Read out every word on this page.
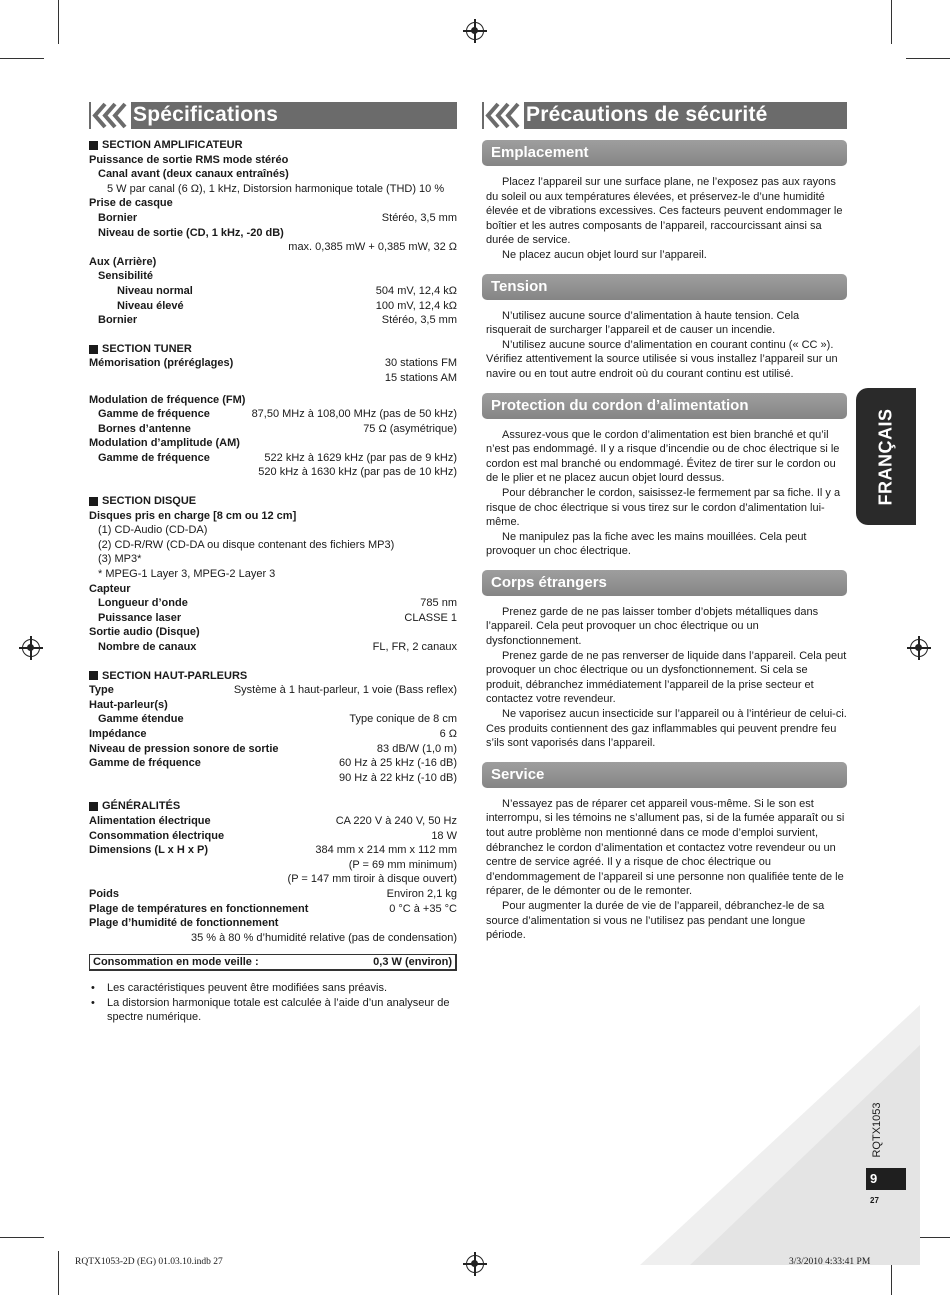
Spécifications
SECTION AMPLIFICATEUR
Puissance de sortie RMS mode stéréo
Canal avant (deux canaux entraînés)
5 W par canal (6 Ω), 1 kHz, Distorsion harmonique totale (THD) 10 %
Prise de casque
Bornier	Stéréo, 3,5 mm
Niveau de sortie (CD, 1 kHz, -20 dB)
max. 0,385 mW + 0,385 mW, 32 Ω
Aux (Arrière)
Sensibilité
Niveau normal	504 mV, 12,4 kΩ
Niveau élevé	100 mV, 12,4 kΩ
Bornier	Stéréo, 3,5 mm
SECTION TUNER
Mémorisation (préréglages)	30 stations FM
15 stations AM
Modulation de fréquence (FM)
Gamme de fréquence	87,50 MHz à 108,00 MHz (pas de 50 kHz)
Bornes d’antenne	75 Ω (asymétrique)
Modulation d’amplitude (AM)
Gamme de fréquence	522 kHz à 1629 kHz (par pas de 9 kHz)
520 kHz à 1630 kHz (par pas de 10 kHz)
SECTION DISQUE
Disques pris en charge [8 cm ou 12 cm]
(1) CD-Audio (CD-DA)
(2) CD-R/RW (CD-DA ou disque contenant des fichiers MP3)
(3) MP3*
* MPEG-1 Layer 3, MPEG-2 Layer 3
Capteur
Longueur d’onde	785 nm
Puissance laser	CLASSE 1
Sortie audio (Disque)
Nombre de canaux	FL, FR, 2 canaux
SECTION HAUT-PARLEURS
Type	Système à 1 haut-parleur, 1 voie (Bass reflex)
Haut-parleur(s)
Gamme étendue	Type conique de 8 cm
Impédance	6 Ω
Niveau de pression sonore de sortie	83 dB/W (1,0 m)
Gamme de fréquence	60 Hz à 25 kHz (-16 dB)
90 Hz à 22 kHz (-10 dB)
GÉNÉRALITÉS
Alimentation électrique	CA 220 V à 240 V, 50 Hz
Consommation électrique	18 W
Dimensions (L x H x P)	384 mm x 214 mm x 112 mm
(P = 69 mm minimum)
(P = 147 mm tiroir à disque ouvert)
Poids	Environ 2,1 kg
Plage de températures en fonctionnement	0 °C à +35 °C
Plage d’humidité de fonctionnement
35 % à 80 % d’humidité relative (pas de condensation)
Consommation en mode veille :	0,3 W (environ)
•	Les caractéristiques peuvent être modifiées sans préavis.
•	La distorsion harmonique totale est calculée à l’aide d’un analyseur de spectre numérique.
Précautions de sécurité
Emplacement

Placez l’appareil sur une surface plane, ne l’exposez pas aux rayons du soleil ou aux températures élevées, et préservez-le d’une humidité élevée et de vibrations excessives. Ces facteurs peuvent endommager le boîtier et les autres composants de l’appareil, raccourcissant ainsi sa durée de service.

Ne placez aucun objet lourd sur l’appareil.

Tension

N’utilisez aucune source d’alimentation à haute tension. Cela risquerait de surcharger l’appareil et de causer un incendie.

N’utilisez aucune source d’alimentation en courant continu (« CC »). Vérifiez attentivement la source utilisée si vous installez l’appareil sur un navire ou en tout autre endroit où du courant continu est utilisé.

Protection du cordon d’alimentation

Assurez-vous que le cordon d’alimentation est bien branché et qu’il n’est pas endommagé. Il y a risque d’incendie ou de choc électrique si le cordon est mal branché ou endommagé. Évitez de tirer sur le cordon ou de le plier et ne placez aucun objet lourd dessus.

Pour débrancher le cordon, saisissez-le fermement par sa fiche. Il y a risque de choc électrique si vous tirez sur le cordon d’alimentation lui-même.

Ne manipulez pas la fiche avec les mains mouillées. Cela peut provoquer un choc électrique.

Corps étrangers

Prenez garde de ne pas laisser tomber d’objets métalliques dans l’appareil. Cela peut provoquer un choc électrique ou un dysfonctionnement.

Prenez garde de ne pas renverser de liquide dans l’appareil. Cela peut provoquer un choc électrique ou un dysfonctionnement. Si cela se produit, débranchez immédiatement l’appareil de la prise secteur et contactez votre revendeur.

Ne vaporisez aucun insecticide sur l’appareil ou à l’intérieur de celui-ci. Ces produits contiennent des gaz inflammables qui peuvent prendre feu s’ils sont vaporisés dans l’appareil.

Service

N’essayez pas de réparer cet appareil vous-même. Si le son est interrompu, si les témoins ne s’allument pas, si de la fumée apparaît ou si tout autre problème non mentionné dans ce mode d’emploi survient, débranchez le cordon d’alimentation et contactez votre revendeur ou un centre de service agréé. Il y a risque de choc électrique ou d’endommagement de l’appareil si une personne non qualifiée tente de le réparer, de le démonter ou de le remonter.

Pour augmenter la durée de vie de l’appareil, débranchez-le de sa source d’alimentation si vous ne l’utilisez pas pendant une longue période.

FRANÇAIS
RQTX1053
9
27
RQTX1053-2D (EG) 01.03.10.indb 27	3/3/2010 4:33:41 PM
